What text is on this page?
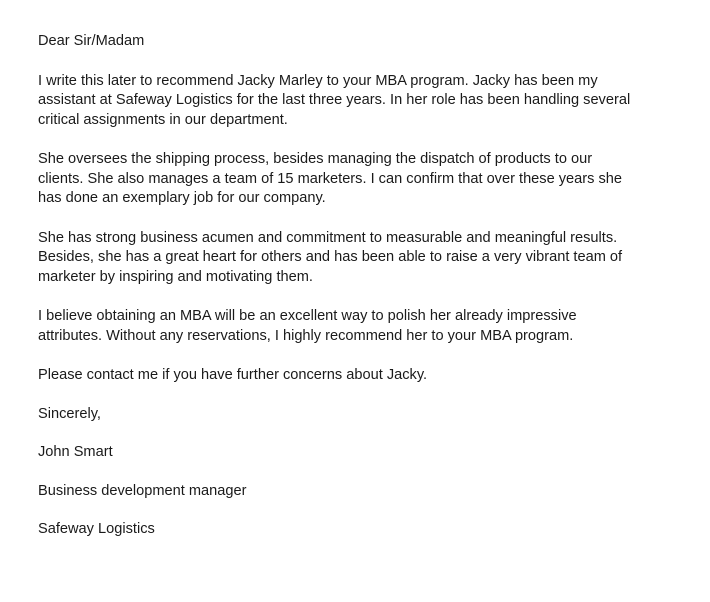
Dear Sir/Madam

I write this later to recommend Jacky Marley to your MBA program. Jacky has been my
assistant at Safeway Logistics for the last three years. In her role has been handling several
critical assignments in our department.

She oversees the shipping process, besides managing the dispatch of products to our
clients. She also manages a team of 15 marketers. I can confirm that over these years she
has done an exemplary job for our company.

She has strong business acumen and commitment to measurable and meaningful results.
Besides, she has a great heart for others and has been able to raise a very vibrant team of
marketer by inspiring and motivating them.

I believe obtaining an MBA will be an excellent way to polish her already impressive
attributes. Without any reservations, I highly recommend her to your MBA program.

Please contact me if you have further concerns about Jacky.

Sincerely,

John Smart

Business development manager

Safeway Logistics
